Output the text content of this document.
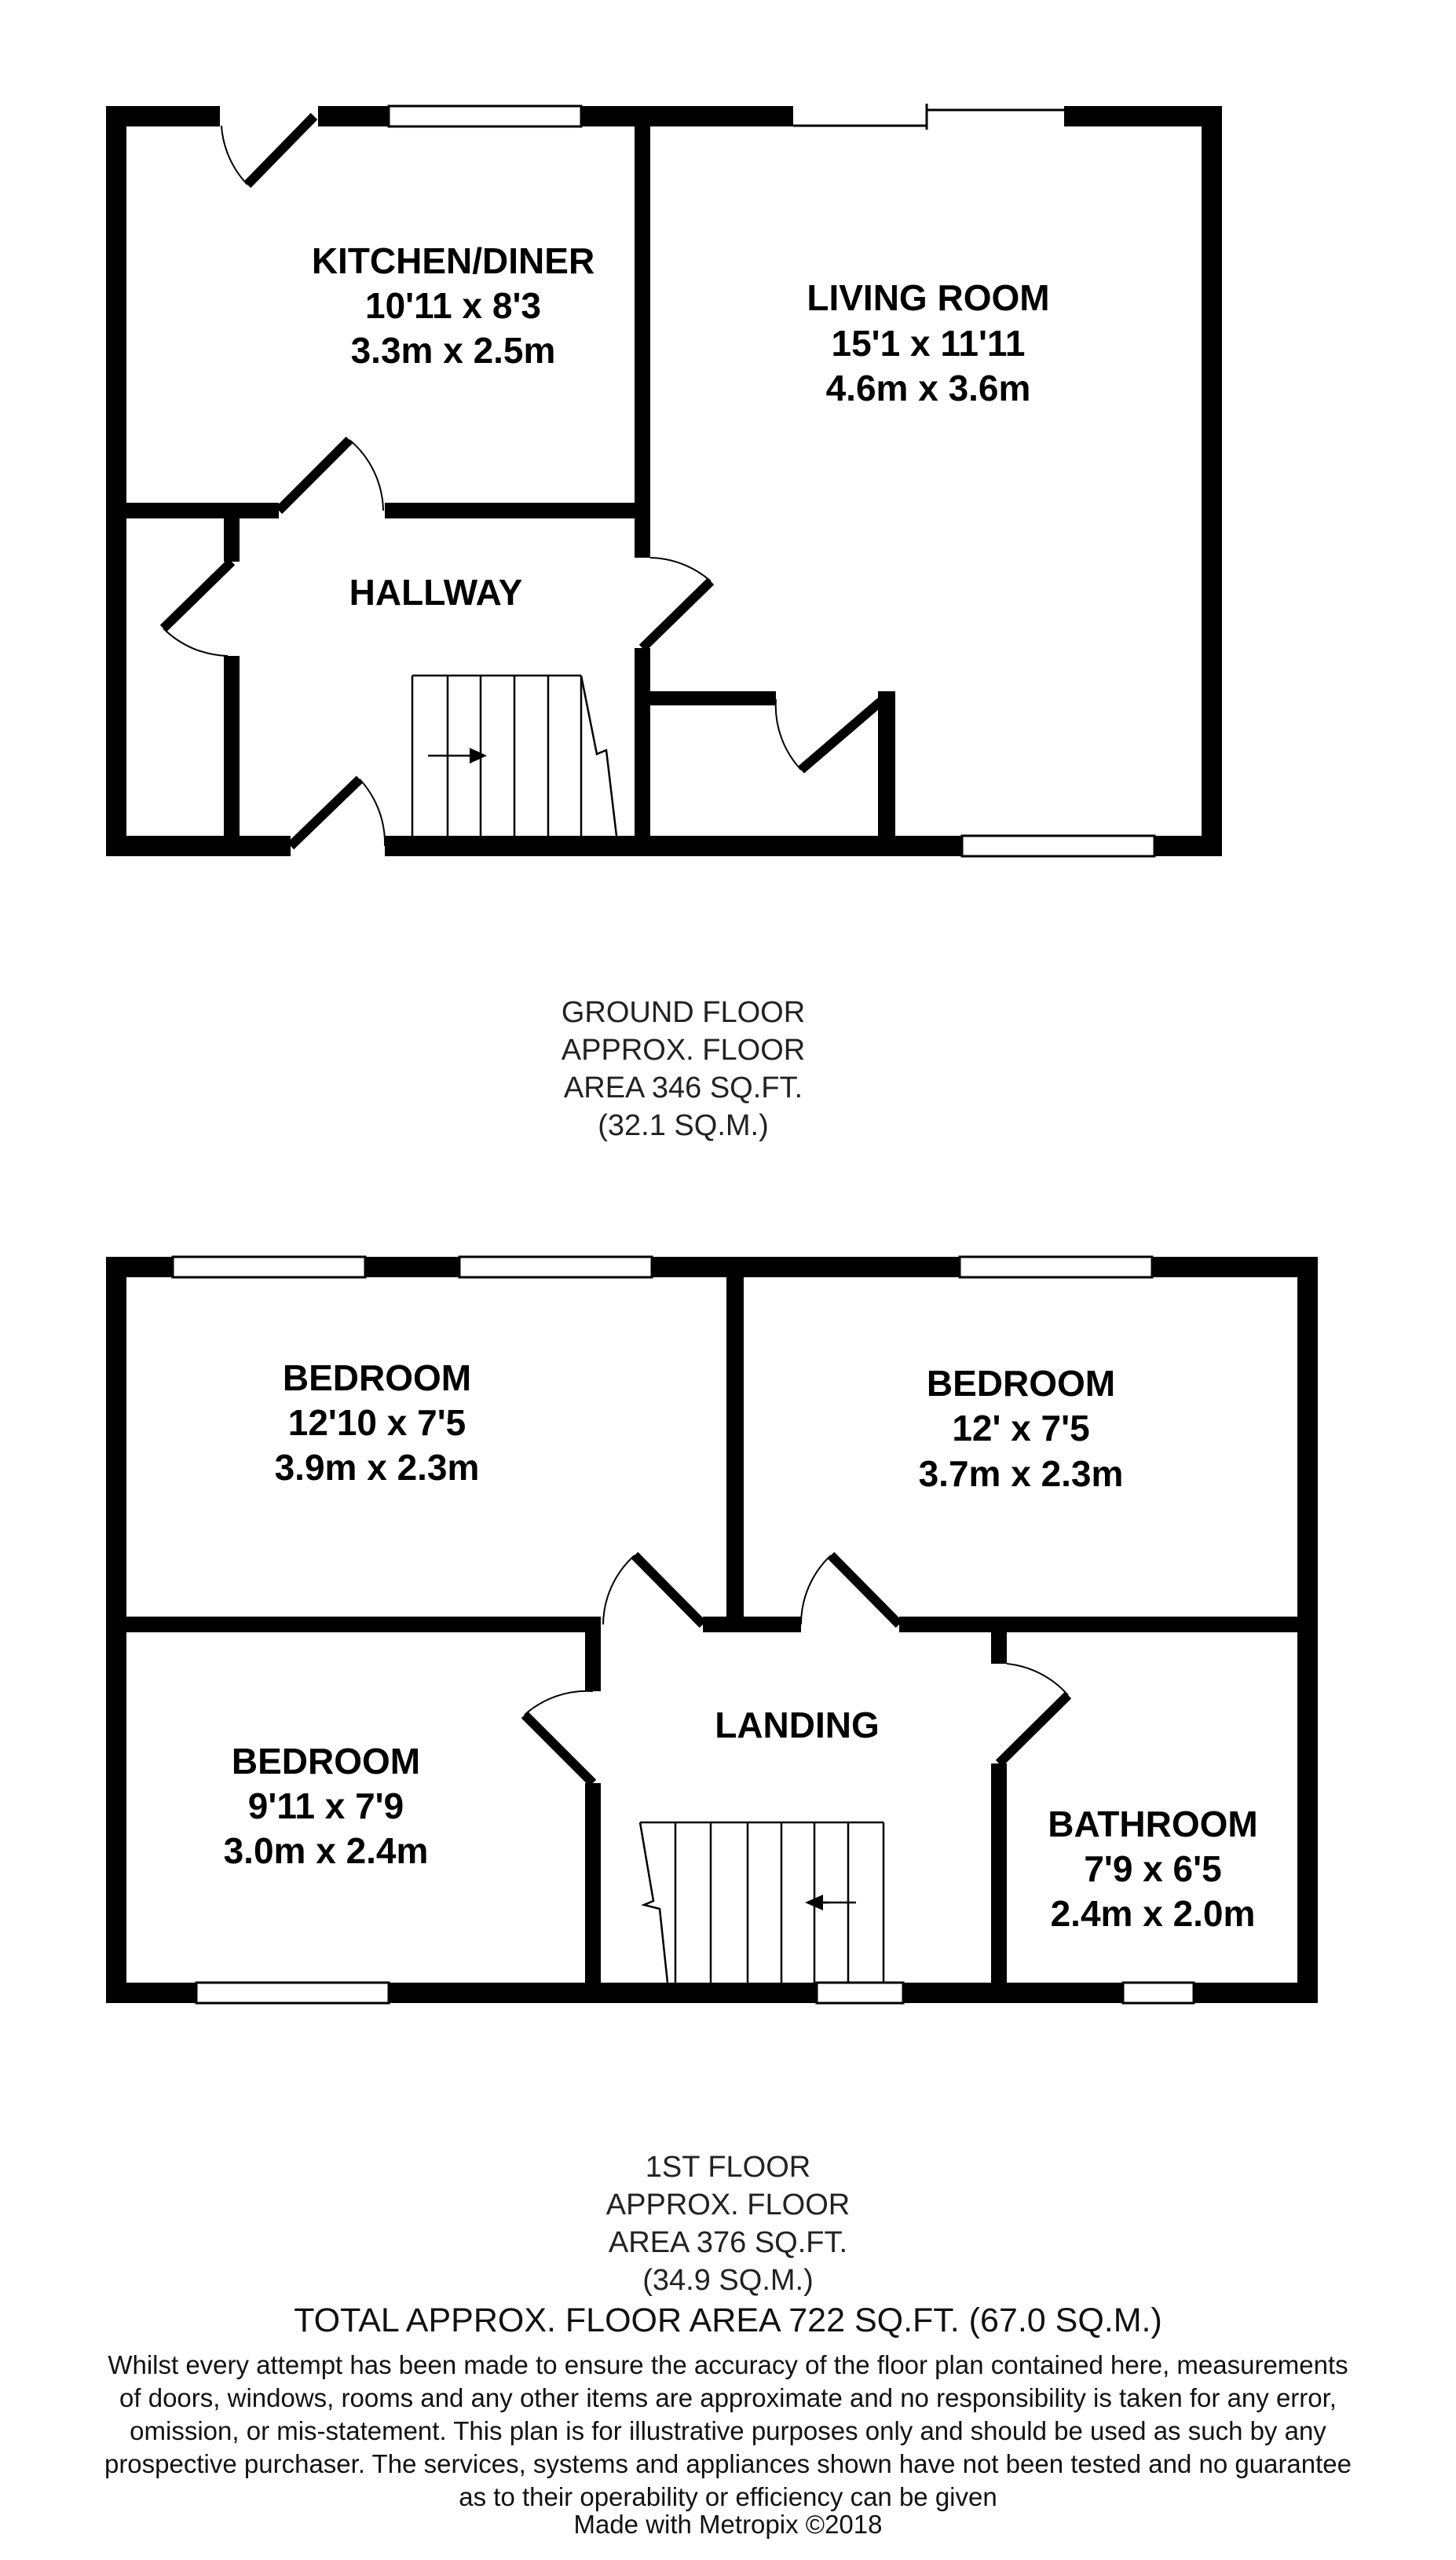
KITCHEN/DINER
10'11 x 8'3
3.3m x 2.5m
LIVING ROOM
15'1 x 11'11
4.6m x 3.6m
HALLWAY
BEDROOM
12'10 x 7'5
3.9m x 2.3m
BEDROOM
12' x 7'5
3.7m x 2.3m
BEDROOM
9'11 x 7'9
3.0m x 2.4m
LANDING
BATHROOM
7'9 x 6'5
2.4m x 2.0m
GROUND FLOOR
APPROX. FLOOR
AREA 346 SQ.FT.
(32.1 SQ.M.)
1ST FLOOR
APPROX. FLOOR
AREA 376 SQ.FT.
(34.9 SQ.M.)
TOTAL APPROX. FLOOR AREA 722 SQ.FT. (67.0 SQ.M.)
Whilst every attempt has been made to ensure the accuracy of the floor plan contained here, measurements
of doors, windows, rooms and any other items are approximate and no responsibility is taken for any error,
omission, or mis-statement. This plan is for illustrative purposes only and should be used as such by any
prospective purchaser. The services, systems and appliances shown have not been tested and no guarantee
as to their operability or efficiency can be given
Made with Metropix ©2018
